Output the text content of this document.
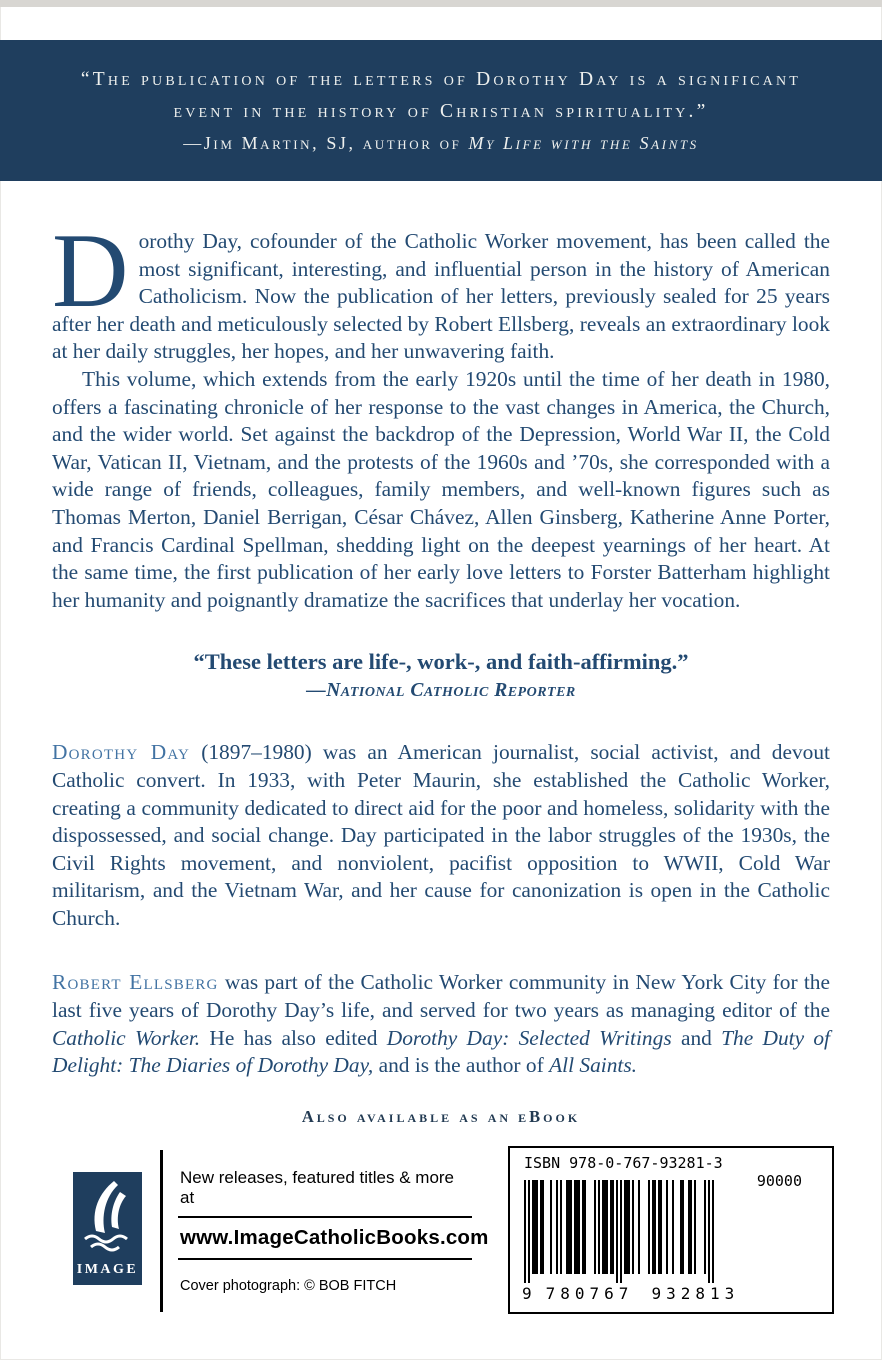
“The publication of the letters of Dorothy Day is a significant
event in the history of Christian spirituality.”
—Jim Martin, SJ, author of My Life with the Saints

Dorothy Day, cofounder of the Catholic Worker movement, has been called the most significant, interesting, and influential person in the history of American Catholicism. Now the publication of her letters, previously sealed for 25 years after her death and meticulously selected by Robert Ellsberg, reveals an extraordinary look at her daily struggles, her hopes, and her unwavering faith.

This volume, which extends from the early 1920s until the time of her death in 1980, offers a fascinating chronicle of her response to the vast changes in America, the Church, and the wider world. Set against the backdrop of the Depression, World War II, the Cold War, Vatican II, Vietnam, and the protests of the 1960s and ’70s, she corresponded with a wide range of friends, colleagues, family members, and well-known figures such as Thomas Merton, Daniel Berrigan, César Chávez, Allen Ginsberg, Katherine Anne Porter, and Francis Cardinal Spellman, shedding light on the deepest yearnings of her heart. At the same time, the first publication of her early love letters to Forster Batterham highlight her humanity and poignantly dramatize the sacrifices that underlay her vocation.

“These letters are life-, work-, and faith-affirming.”
—National Catholic Reporter

Dorothy Day (1897–1980) was an American journalist, social activist, and devout Catholic convert. In 1933, with Peter Maurin, she established the Catholic Worker, creating a community dedicated to direct aid for the poor and homeless, solidarity with the dispossessed, and social change. Day participated in the labor struggles of the 1930s, the Civil Rights movement, and nonviolent, pacifist opposition to WWII, Cold War militarism, and the Vietnam War, and her cause for canonization is open in the Catholic Church.

Robert Ellsberg was part of the Catholic Worker community in New York City for the last five years of Dorothy Day’s life, and served for two years as managing editor of the Catholic Worker. He has also edited Dorothy Day: Selected Writings and The Duty of Delight: The Diaries of Dorothy Day, and is the author of All Saints.

Also available as an eBook
IMAGE
New releases, featured titles & more at
www.ImageCatholicBooks.com
Cover photograph: © BOB FITCH
ISBN 978-0-767-93281-3
90000
9 780767 932813
